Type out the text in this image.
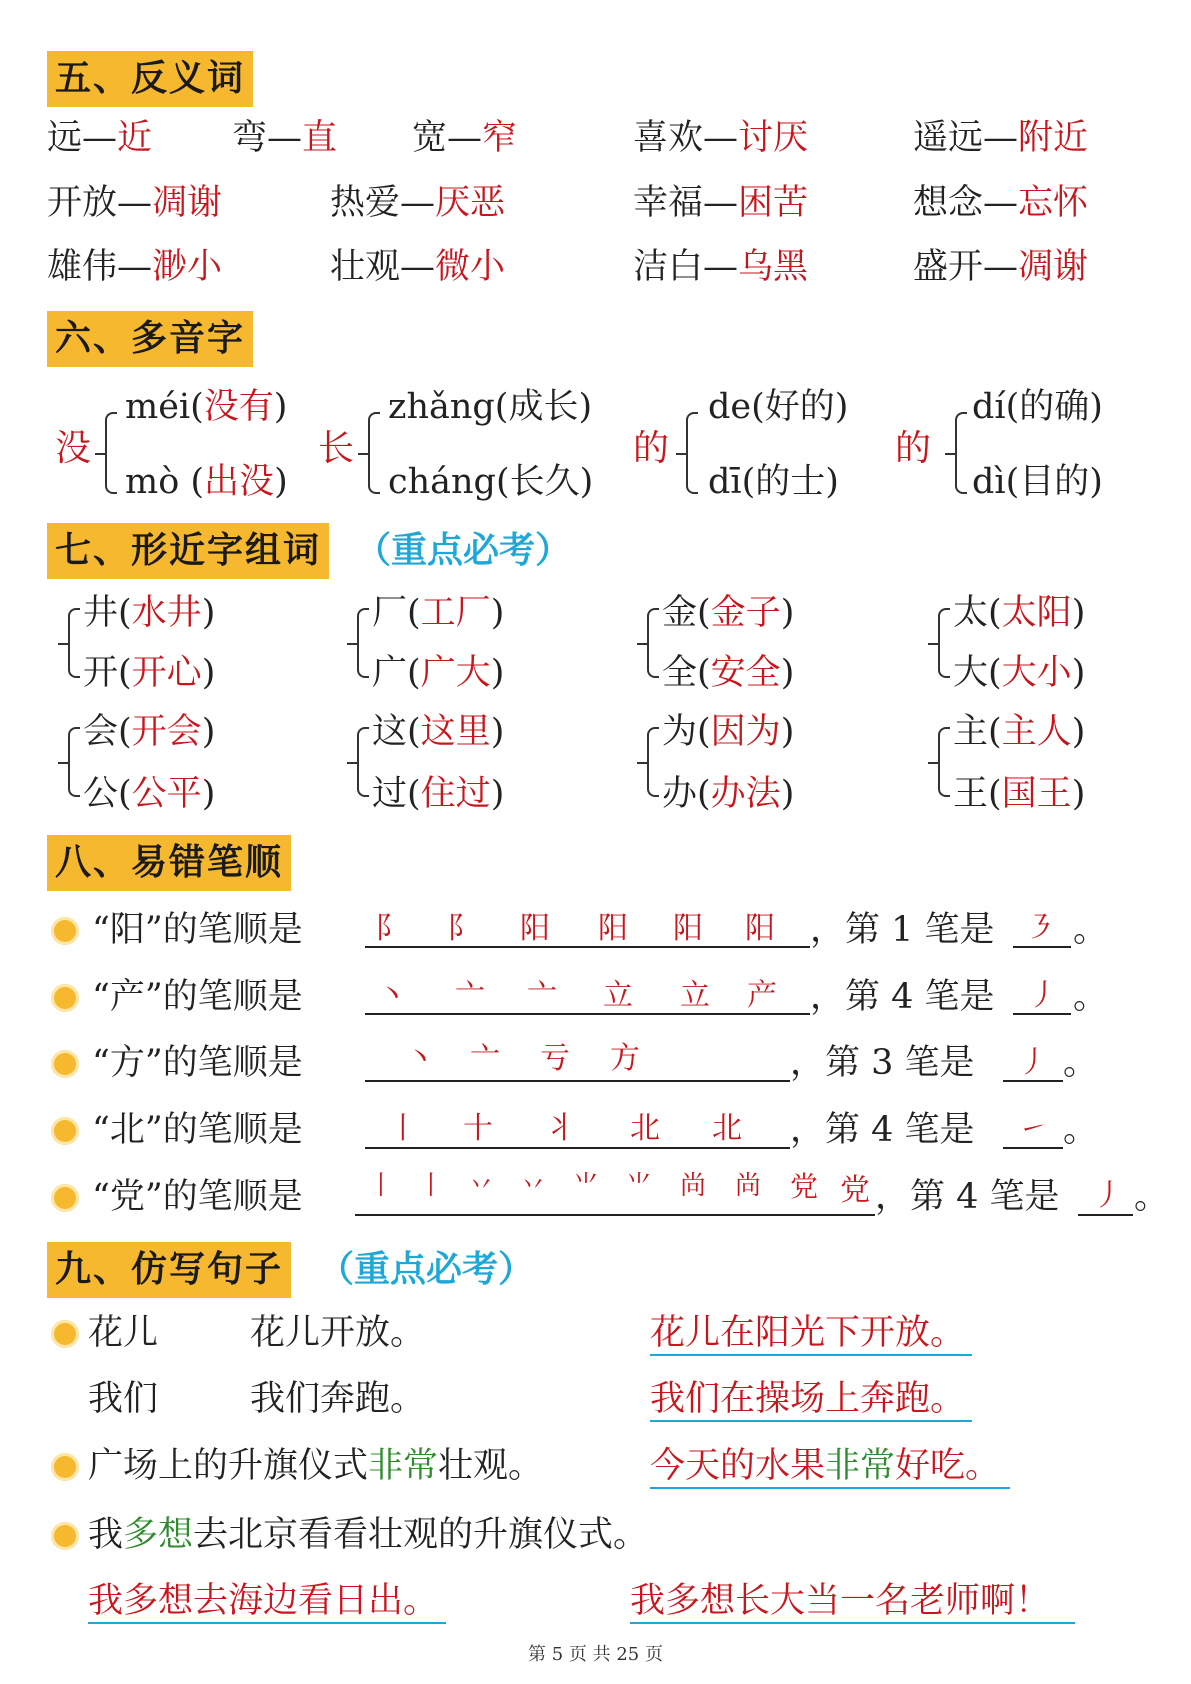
五、反义词
远—近 弯—直 宽—窄	喜欢—讨厌	遥远—附近
开放—凋谢	热爱—厌恶	幸福—困苦	想念—忘怀
雄伟—渺小	壮观—微小	洁白—乌黑	盛开—凋谢
六、多音字
没
méi(没有)
mò (出没)
长
zhǎng(成长)
cháng(长久)
的
de(好的)
dī(的士)
的
dí(的确)
dì(目的)
七、形近字组词 （重点必考）
井(水井)
开(开心)
厂(工厂)
广(广大)
金(金子)
全(安全)
太(太阳)
大(大小)
会(开会)
公(公平)
这(这里)
过(住过)
为(因为)
办(办法)
主(主人)
王(国王)
八、易错笔顺
“阳”的笔顺是 阝 阝 阳 阳 阳 阳 ，第 1 笔是 ㇋ 。
“产”的笔顺是 丶 亠 亠 立 立 产 ，第 4 笔是 丿 。
“方”的笔顺是	丶 亠 亏 方	，第 3 笔是 丿 。
“北”的笔顺是	丨 十 丬 北 北 ，第 4 笔是 ㇀ 。
“党”的笔顺是	丨 丨 丷 丷 ⺌ ⺌ 尚 尚 党 党 ，第 4 笔是 丿 。
九、仿写句子 （重点必考）
花儿	花儿开放。	花儿在阳光下开放。
我们	我们奔跑。	我们在操场上奔跑。
广场上的升旗仪式非常壮观。	今天的水果非常好吃。
我多想去北京看看壮观的升旗仪式。
我多想去海边看日出。	我多想长大当一名老师啊！
第 5 页 共 25 页
